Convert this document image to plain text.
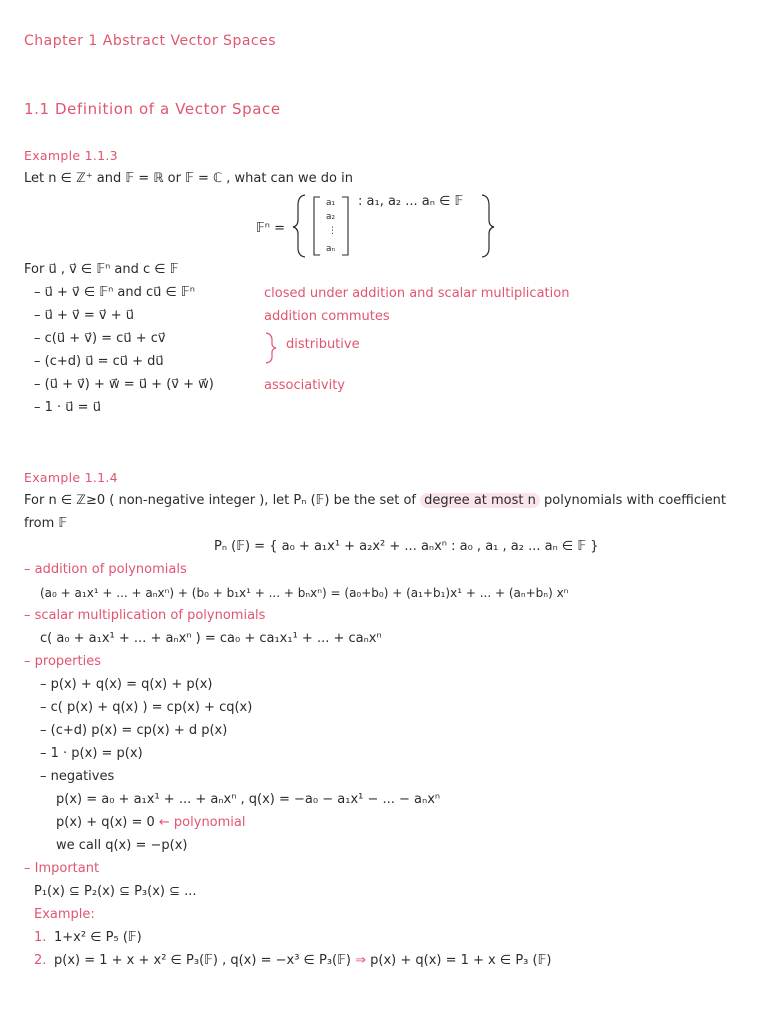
Chapter 1 Abstract Vector Spaces
1.1 Definition of a Vector Space
Example 1.1.3
Let n ∈ ℤ⁺ and 𝔽 = ℝ or 𝔽 = ℂ , what can we do in
𝔽ⁿ =
a₁
a₂
⋮
aₙ
: a₁, a₂ ... aₙ ∈ 𝔽
For u⃗ , v⃗ ∈ 𝔽ⁿ and c ∈ 𝔽
– u⃗ + v⃗ ∈ 𝔽ⁿ and cu⃗ ∈ 𝔽ⁿ
– u⃗ + v⃗ = v⃗ + u⃗
– c(u⃗ + v⃗) = cu⃗ + cv⃗
– (c+d) u⃗ = cu⃗ + du⃗
– (u⃗ + v⃗) + w⃗ = u⃗ + (v⃗ + w⃗)
– 1 · u⃗ = u⃗
closed under addition and scalar multiplication
addition commutes
distributive
associativity
Example 1.1.4
For n ∈ ℤ≥0 ( non-negative integer ), let Pₙ (𝔽) be the set of degree at most n polynomials with coefficient
from 𝔽
Pₙ (𝔽) = { a₀ + a₁x¹ + a₂x² + ... aₙxⁿ : a₀ , a₁ , a₂ ... aₙ ∈ 𝔽 }
– addition of polynomials
(a₀ + a₁x¹ + ... + aₙxⁿ) + (b₀ + b₁x¹ + ... + bₙxⁿ) = (a₀+b₀) + (a₁+b₁)x¹ + ... + (aₙ+bₙ) xⁿ
– scalar multiplication of polynomials
c( a₀ + a₁x¹ + ... + aₙxⁿ ) = ca₀ + ca₁x₁¹ + ... + caₙxⁿ
– properties
– p(x) + q(x) = q(x) + p(x)
– c( p(x) + q(x) ) = cp(x) + cq(x)
– (c+d) p(x) = cp(x) + d p(x)
– 1 · p(x) = p(x)
– negatives
p(x) = a₀ + a₁x¹ + ... + aₙxⁿ , q(x) = −a₀ − a₁x¹ − ... − aₙxⁿ
p(x) + q(x) = 0 ← polynomial
we call q(x) = −p(x)
– Important
P₁(x) ⊆ P₂(x) ⊆ P₃(x) ⊆ ...
Example:
1. 1+x² ∈ P₅ (𝔽)
2. p(x) = 1 + x + x² ∈ P₃(𝔽) , q(x) = −x³ ∈ P₃(𝔽) ⇒ p(x) + q(x) = 1 + x ∈ P₃ (𝔽)
